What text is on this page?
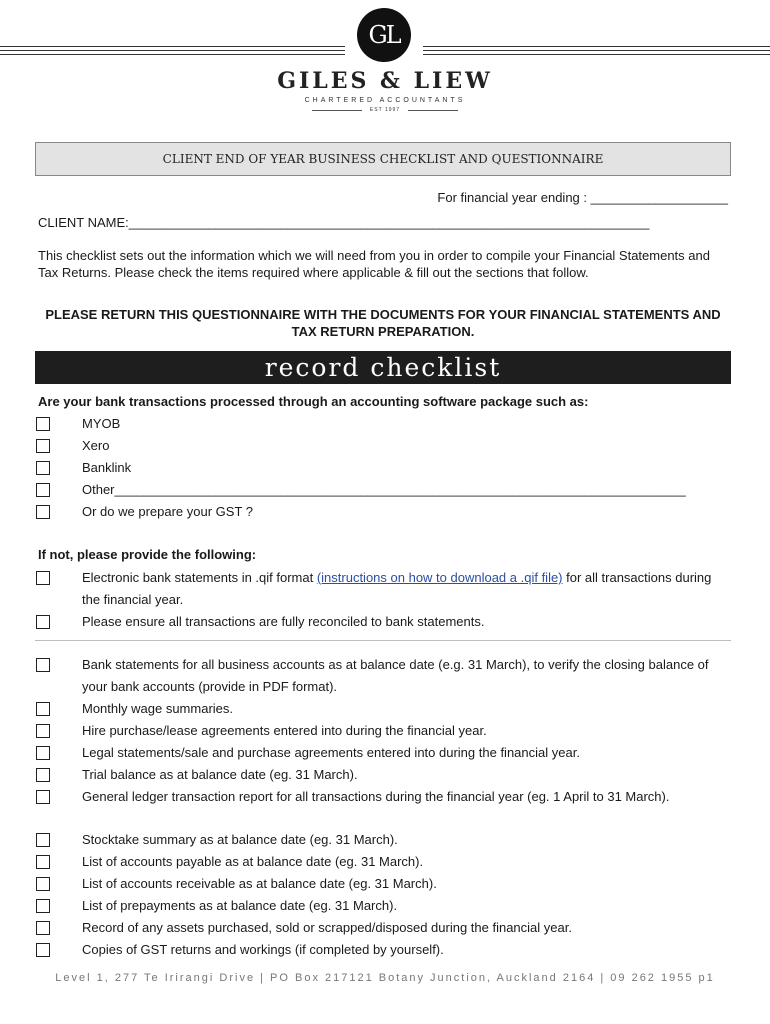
GL
GILES & LIEW
CHARTERED ACCOUNTANTS
EST 1997
CLIENT END OF YEAR BUSINESS CHECKLIST AND QUESTIONNAIRE
For financial year ending : ___________________
CLIENT NAME:________________________________________________________________________
This checklist sets out the information which we will need from you in order to compile your Financial Statements and Tax Returns. Please check the items required where applicable & fill out the sections that follow.
PLEASE RETURN THIS QUESTIONNAIRE WITH THE DOCUMENTS FOR YOUR FINANCIAL STATEMENTS AND TAX RETURN PREPARATION.
record checklist
Are your bank transactions processed through an accounting software package such as:
MYOB
Xero
Banklink
Other_______________________________________________________________________________
Or do we prepare your GST ?
If not, please provide the following:
Electronic bank statements in .qif format (instructions on how to download a .qif file) for all transactions during the financial year.
Please ensure all transactions are fully reconciled to bank statements.
Bank statements for all business accounts as at balance date (e.g. 31 March), to verify the closing balance of your bank accounts (provide in PDF format).
Monthly wage summaries.
Hire purchase/lease agreements entered into during the financial year.
Legal statements/sale and purchase agreements entered into during the financial year.
Trial balance as at balance date (eg. 31 March).
General ledger transaction report for all transactions during the financial year (eg. 1 April to 31 March).
Stocktake summary as at balance date (eg. 31 March).
List of accounts payable as at balance date (eg. 31 March).
List of accounts receivable as at balance date (eg. 31 March).
List of prepayments as at balance date (eg. 31 March).
Record of any assets purchased, sold or scrapped/disposed during the financial year.
Copies of GST returns and workings (if completed by yourself).
Level 1, 277 Te Irirangi Drive | PO Box 217121 Botany Junction, Auckland 2164 | 09 262 1955 p1
